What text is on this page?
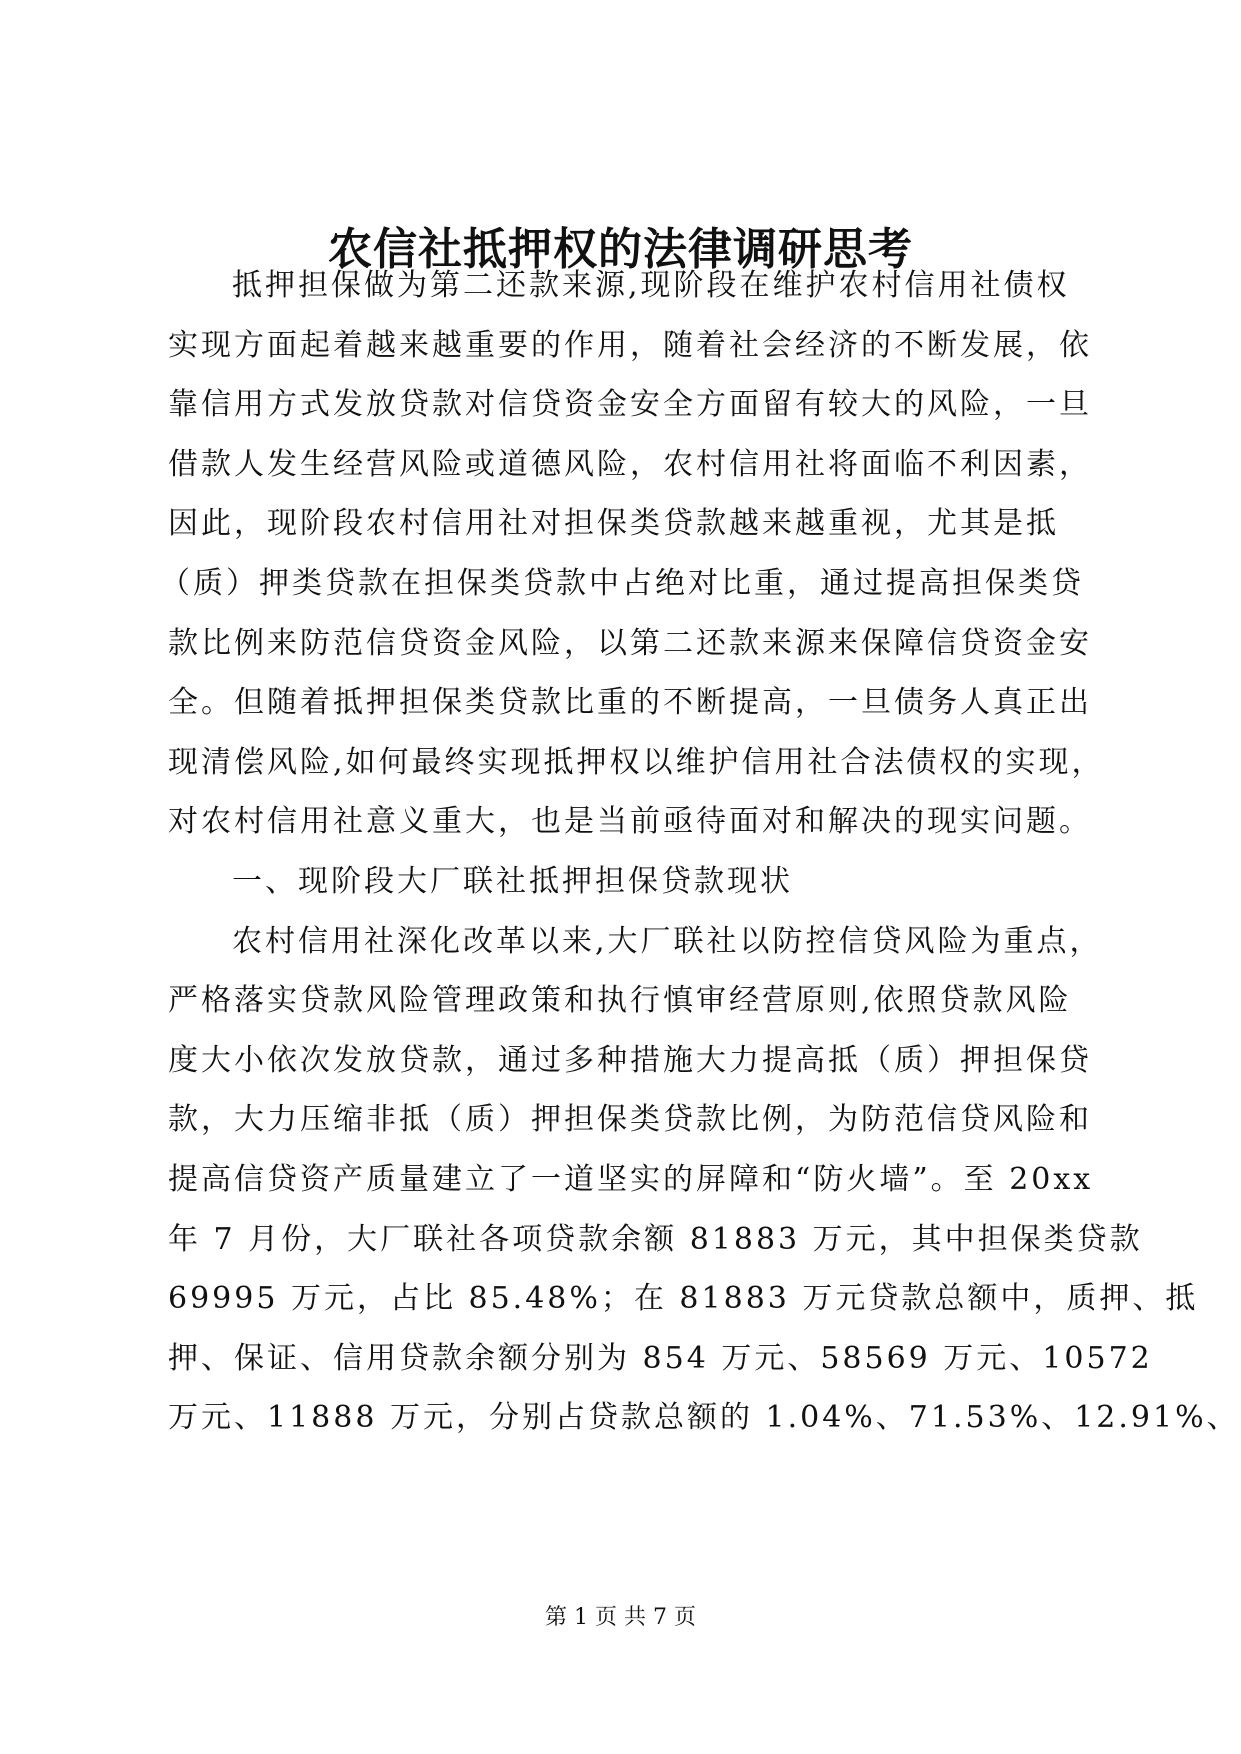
农信社抵押权的法律调研思考
抵押担保做为第二还款来源,现阶段在维护农村信用社债权
实现方面起着越来越重要的作用，随着社会经济的不断发展，依
靠信用方式发放贷款对信贷资金安全方面留有较大的风险，一旦
借款人发生经营风险或道德风险，农村信用社将面临不利因素，
因此，现阶段农村信用社对担保类贷款越来越重视，尤其是抵
（质）押类贷款在担保类贷款中占绝对比重，通过提高担保类贷
款比例来防范信贷资金风险，以第二还款来源来保障信贷资金安
全。但随着抵押担保类贷款比重的不断提高，一旦债务人真正出
现清偿风险,如何最终实现抵押权以维护信用社合法债权的实现，
对农村信用社意义重大，也是当前亟待面对和解决的现实问题。
一、现阶段大厂联社抵押担保贷款现状
农村信用社深化改革以来,大厂联社以防控信贷风险为重点，
严格落实贷款风险管理政策和执行慎审经营原则,依照贷款风险
度大小依次发放贷款，通过多种措施大力提高抵（质）押担保贷
款，大力压缩非抵（质）押担保类贷款比例，为防范信贷风险和
提高信贷资产质量建立了一道坚实的屏障和“防火墙”。至 20xx
年 7 月份，大厂联社各项贷款余额 81883 万元，其中担保类贷款
69995 万元，占比 85.48%；在 81883 万元贷款总额中，质押、抵
押、保证、信用贷款余额分别为 854 万元、58569 万元、10572
万元、11888 万元，分别占贷款总额的 1.04%、71.53%、12.91%、
第 1 页 共 7 页
